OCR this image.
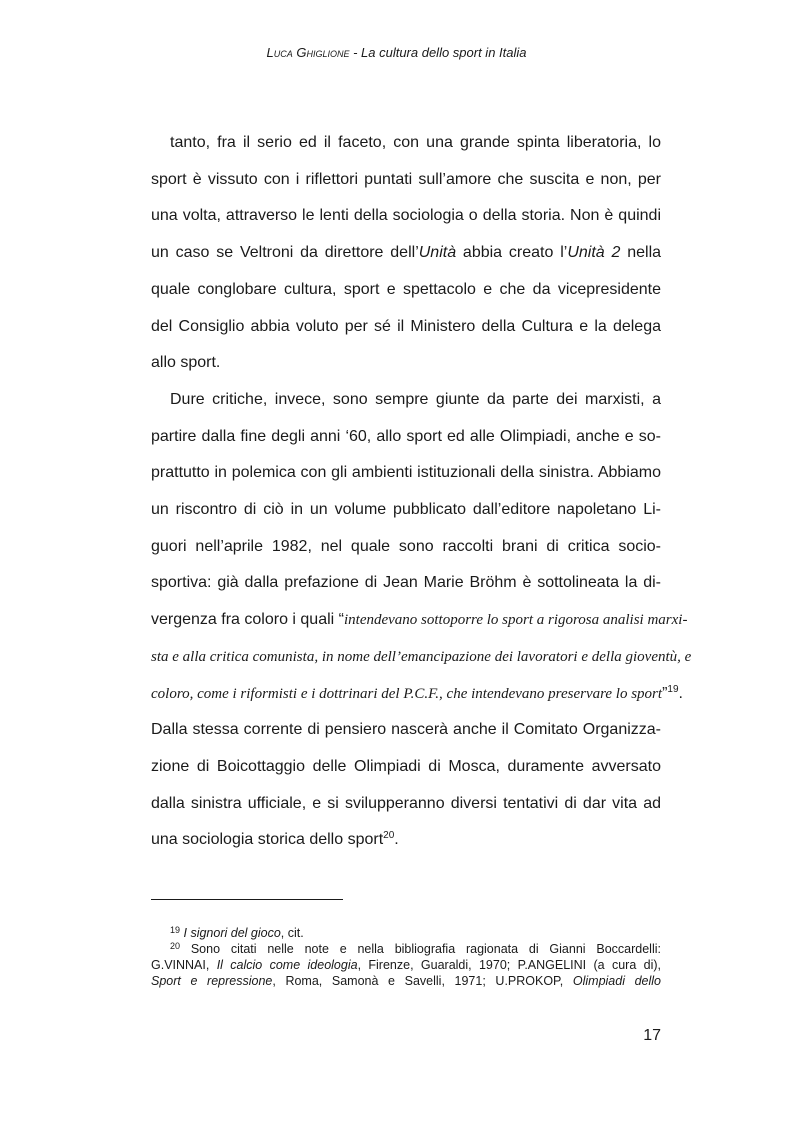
Luca Ghiglione - La cultura dello sport in Italia
tanto, fra il serio ed il faceto, con una grande spinta liberatoria, lo
sport è vissuto con i riflettori puntati sull’amore che suscita e non, per
una volta, attraverso le lenti della sociologia o della storia. Non è quindi
un caso se Veltroni da direttore dell’Unità abbia creato l’Unità 2 nella
quale conglobare cultura, sport e spettacolo e che da vicepresidente
del Consiglio abbia voluto per sé il Ministero della Cultura e la delega
allo sport.
Dure critiche, invece, sono sempre giunte da parte dei marxisti, a
partire dalla fine degli anni ‘60, allo sport ed alle Olimpiadi, anche e so-
prattutto in polemica con gli ambienti istituzionali della sinistra. Abbiamo
un riscontro di ciò in un volume pubblicato dall’editore napoletano Li-
guori nell’aprile 1982, nel quale sono raccolti brani di critica socio-
sportiva: già dalla prefazione di Jean Marie Bröhm è sottolineata la di-
vergenza fra coloro i quali “intendevano sottoporre lo sport a rigorosa analisi marxi-
sta e alla critica comunista, in nome dell’emancipazione dei lavoratori e della gioventù, e
coloro, come i riformisti e i dottrinari del P.C.F., che intendevano preservare lo sport”$^{19}$.
Dalla stessa corrente di pensiero nascerà anche il Comitato Organizza-
zione di Boicottaggio delle Olimpiadi di Mosca, duramente avversato
dalla sinistra ufficiale, e si svilupperanno diversi tentativi di dar vita ad
una sociologia storica dello sport$^{20}$.
$^{19}$ I signori del gioco, cit.
$^{20}$ Sono citati nelle note e nella bibliografia ragionata di Gianni Boccardelli:
G.VINNAI, Il calcio come ideologia, Firenze, Guaraldi, 1970; P.ANGELINI (a cura di),
Sport e repressione, Roma, Samonà e Savelli, 1971; U.PROKOP, Olimpiadi dello
17
